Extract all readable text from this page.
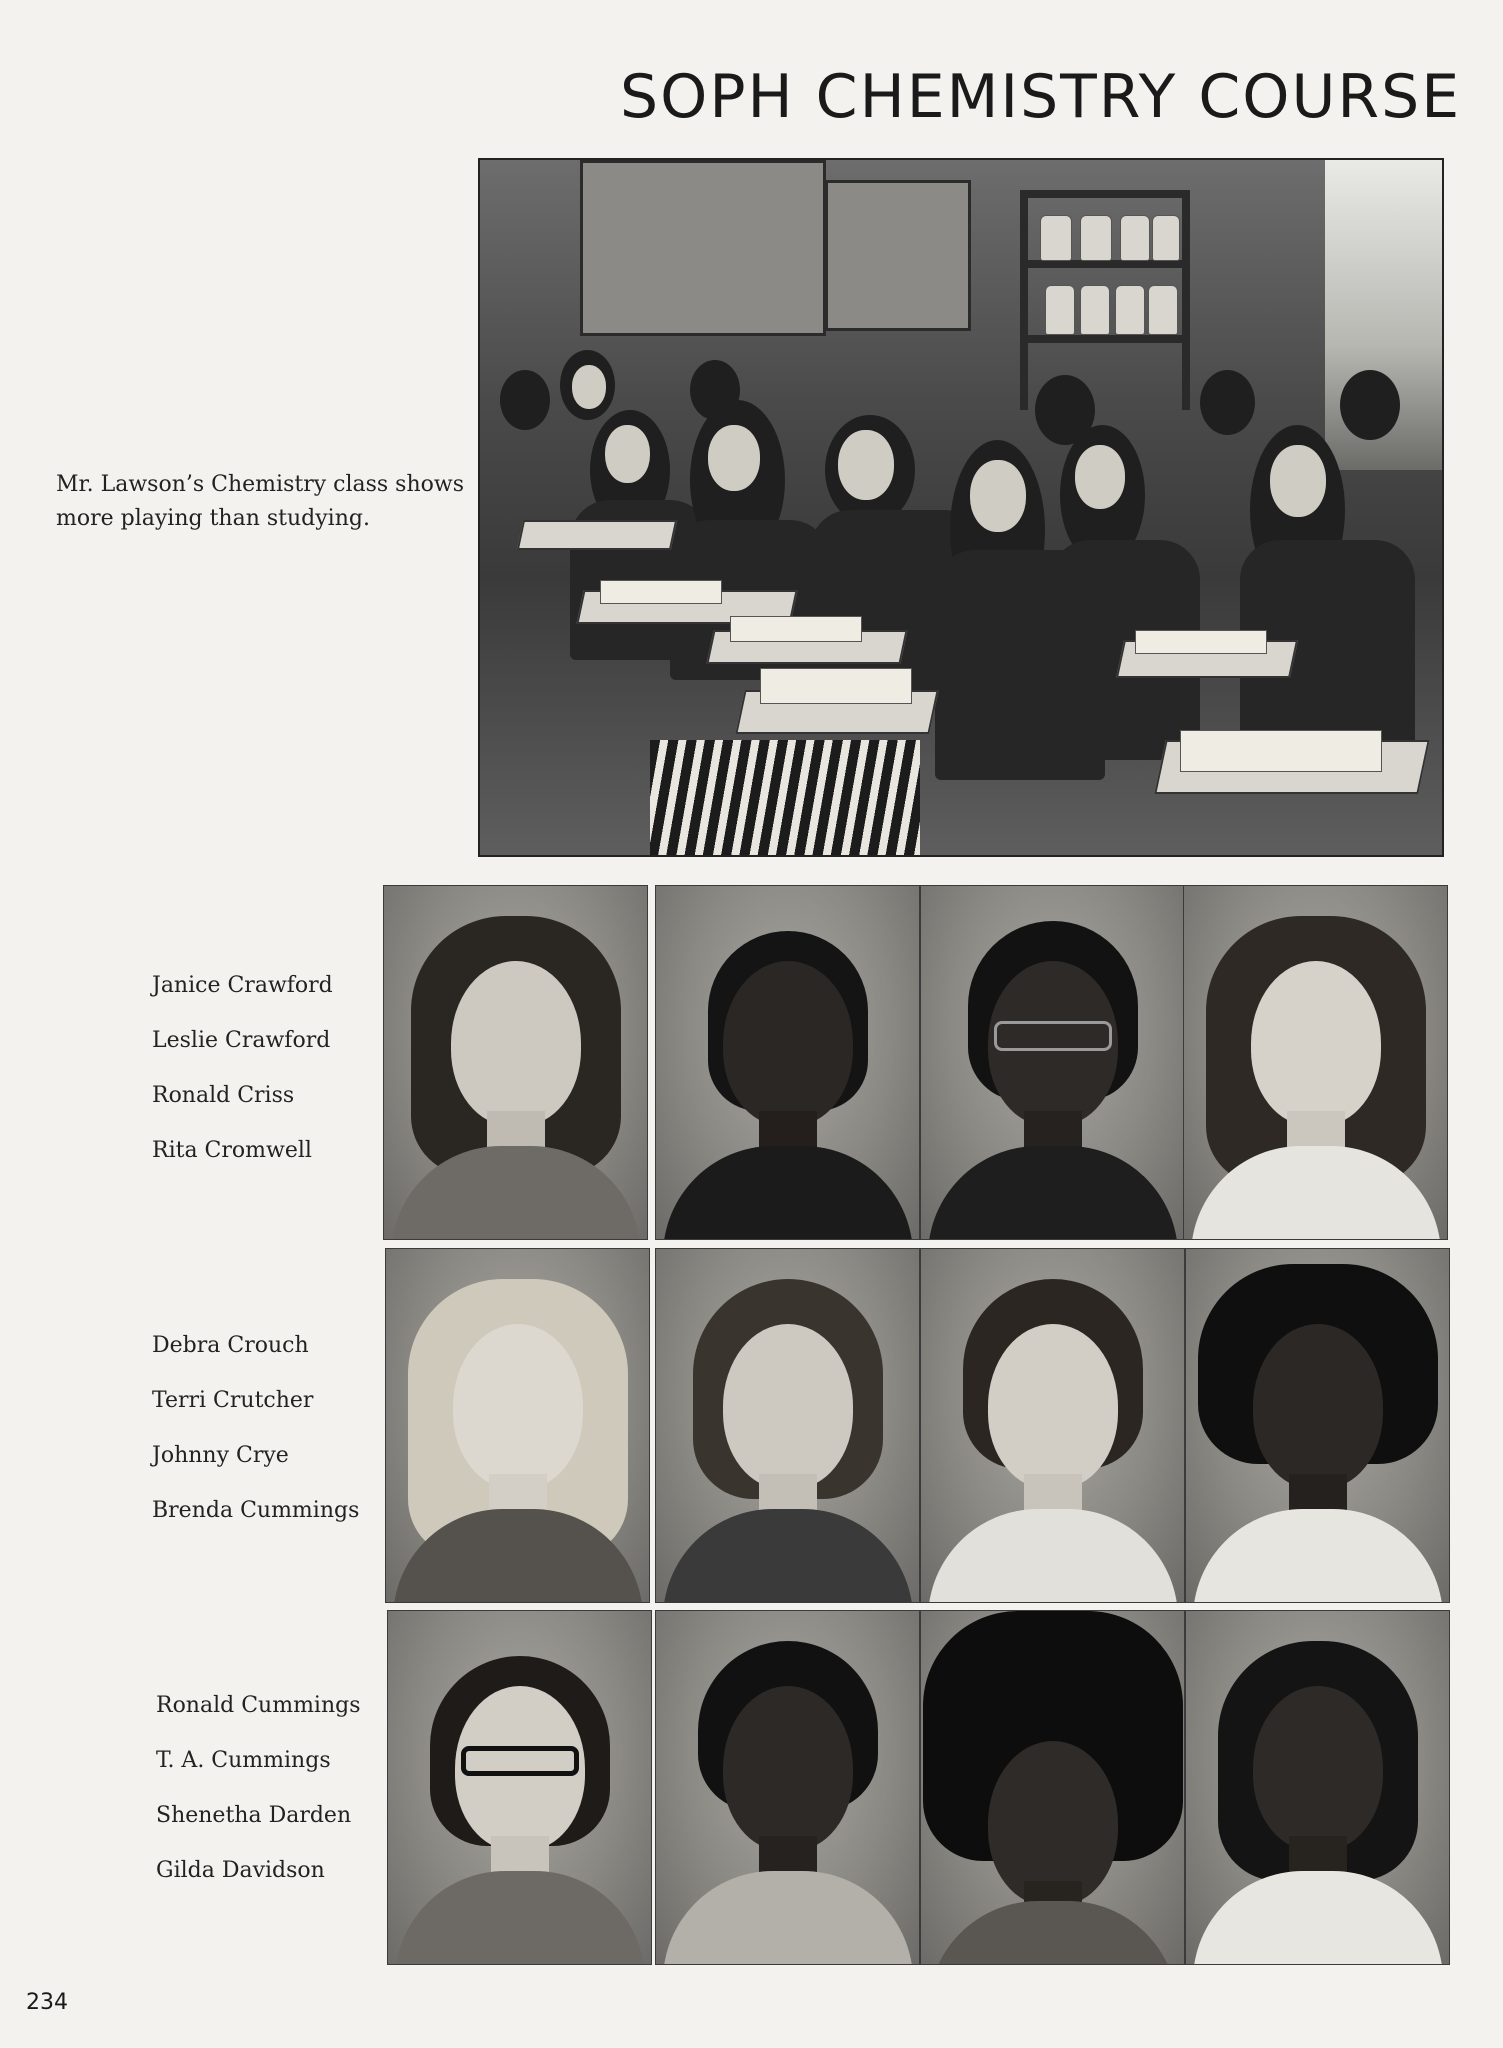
SOPH CHEMISTRY COURSE
Mr. Lawson’s Chemistry class shows more playing than studying.
Janice Crawford
Leslie Crawford
Ronald Criss
Rita Cromwell
Debra Crouch
Terri Crutcher
Johnny Crye
Brenda Cummings
Ronald Cummings
T. A. Cummings
Shenetha Darden
Gilda Davidson
234
